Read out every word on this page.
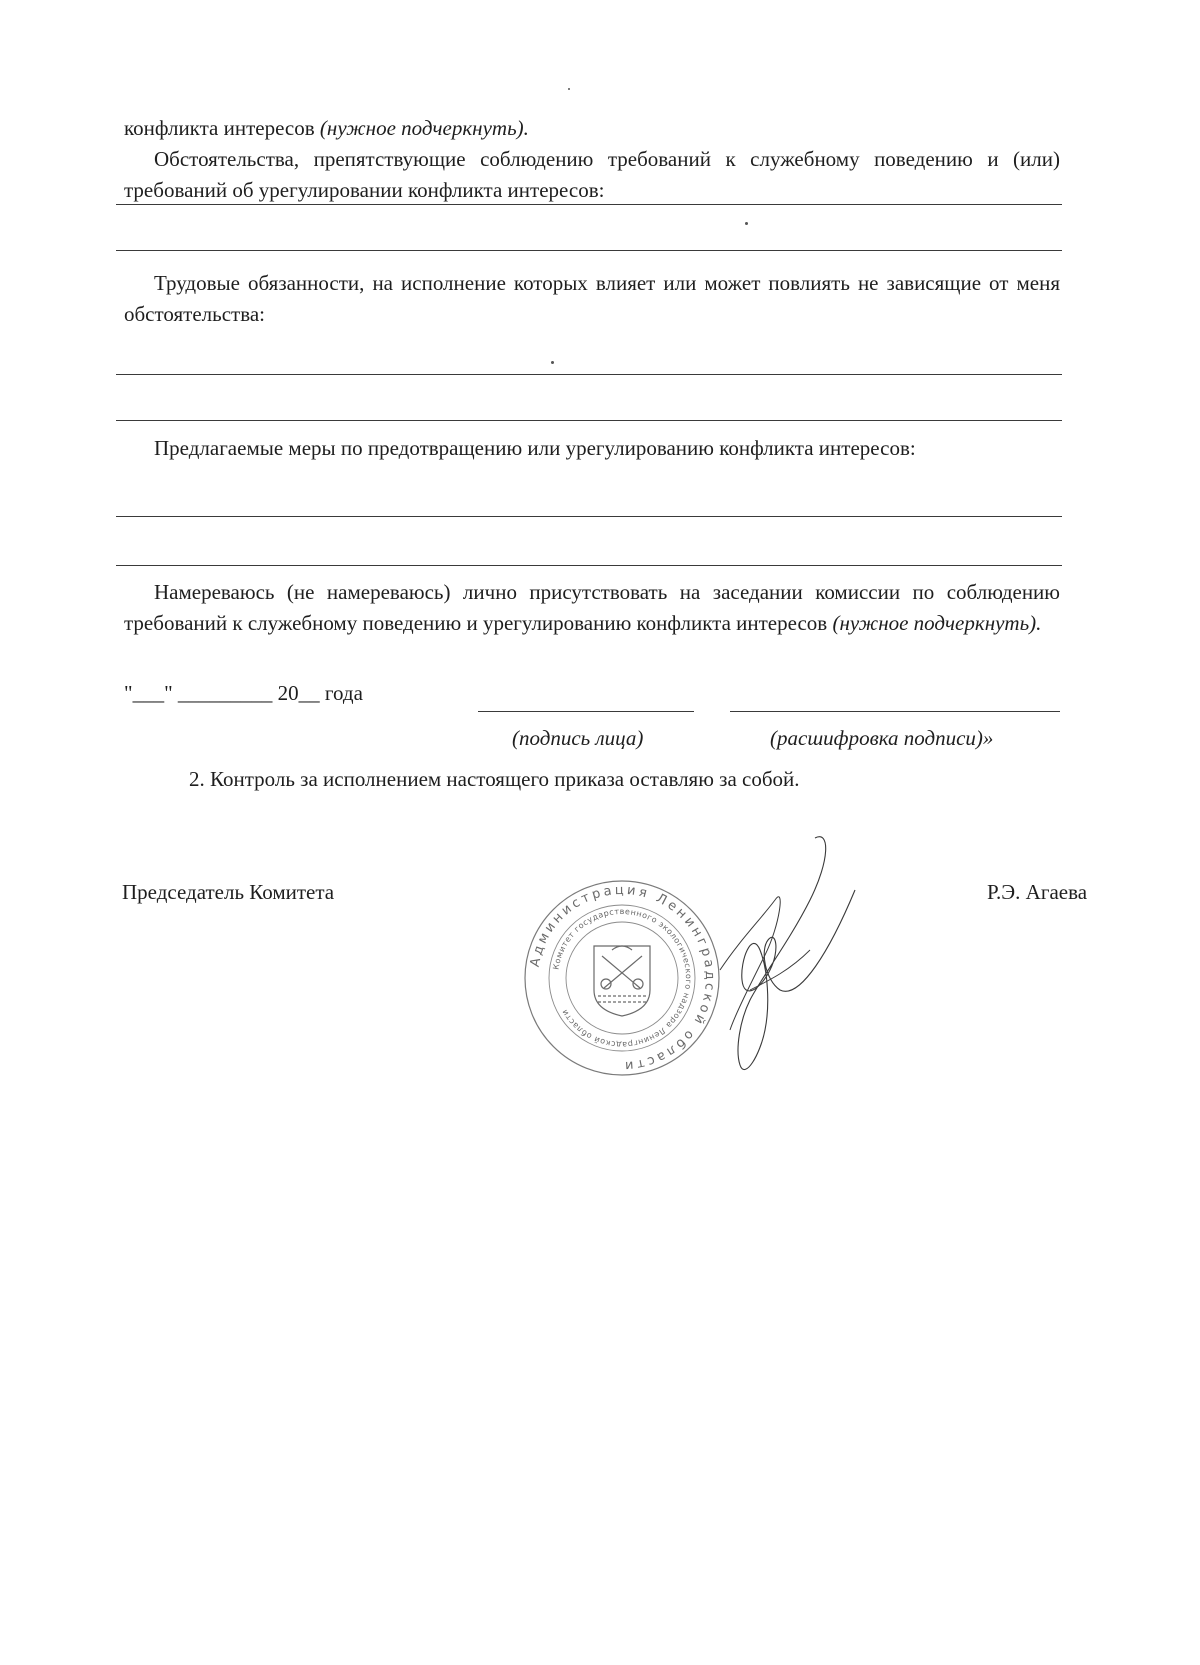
конфликта интересов (нужное подчеркнуть).

Обстоятельства, препятствующие соблюдению требований к служебному поведению и (или) требований об урегулировании конфликта интересов:

Трудовые обязанности, на исполнение которых влияет или может повлиять не зависящие от меня обстоятельства:

Предлагаемые меры по предотвращению или урегулированию конфликта интересов:

Намереваюсь (не намереваюсь) лично присутствовать на заседании комиссии по соблюдению требований к служебному поведению и урегулированию конфликта интересов (нужное подчеркнуть).

"___" _________ 20__ года

(подпись лица)	(расшифровка подписи)»

2. Контроль за исполнением настоящего приказа оставляю за собой.

Председатель Комитета	Р.Э. Агаева

Администрация Ленинградской области
Комитет государственного экологического надзора Ленинградской области
